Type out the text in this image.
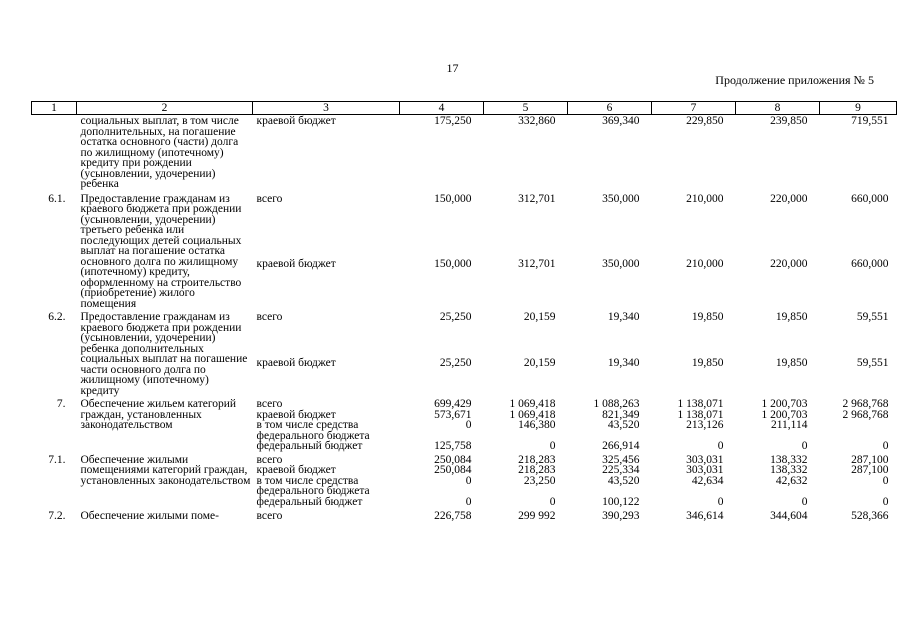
17
Продолжение приложения № 5
1	2	3	4	5	6	7	8	9
	социальных выплат, в том числе дополнительных, на погашение остатка основного (части) долга по жилищному (ипотечному) кредиту при рождении (усыновлении, удочерении) ребенка	краевой бюджет	175,250	332,860	369,340	229,850	239,850	719,551

6.1.	Предоставление гражданам из краевого бюджета при рождении (усыновлении, удочерении) третьего ребенка или последующих детей социальных выплат на погашение остатка основного долга по жилищному (ипотечному) кредиту, оформленному на строительство (приобретение) жилого помещения	всего	150,000	312,701	350,000	210,000	220,000	660,000
		краевой бюджет	150,000	312,701	350,000	210,000	220,000	660,000

6.2.	Предоставление гражданам из краевого бюджета при рождении (усыновлении, удочерении) ребенка дополнительных социальных выплат на погашение части основного долга по жилищному (ипотечному) кредиту	всего	25,250	20,159	19,340	19,850	19,850	59,551
		краевой бюджет	25,250	20,159	19,340	19,850	19,850	59,551

7.	Обеспечение жильем категорий граждан, установленных законодательством	всего	699,429	1 069,418	1 088,263	1 138,071	1 200,703	2 968,768
		краевой бюджет	573,671	1 069,418	821,349	1 138,071	1 200,703	2 968,768
		в том числе средства федерального бюджета	0	146,380	43,520	213,126	211,114	
		федеральный бюджет	125,758	0	266,914	0	0	0

7.1.	Обеспечение жилыми помещениями категорий граждан, установленных законодательством	всего	250,084	218,283	325,456	303,031	138,332	287,100
		краевой бюджет	250,084	218,283	225,334	303,031	138,332	287,100
		в том числе средства федерального бюджета	0	23,250	43,520	42,634	42,632	0
		федеральный бюджет	0	0	100,122	0	0	0

7.2.	Обеспечение жилыми поме-	всего	226,758	299 992	390,293	346,614	344,604	528,366
